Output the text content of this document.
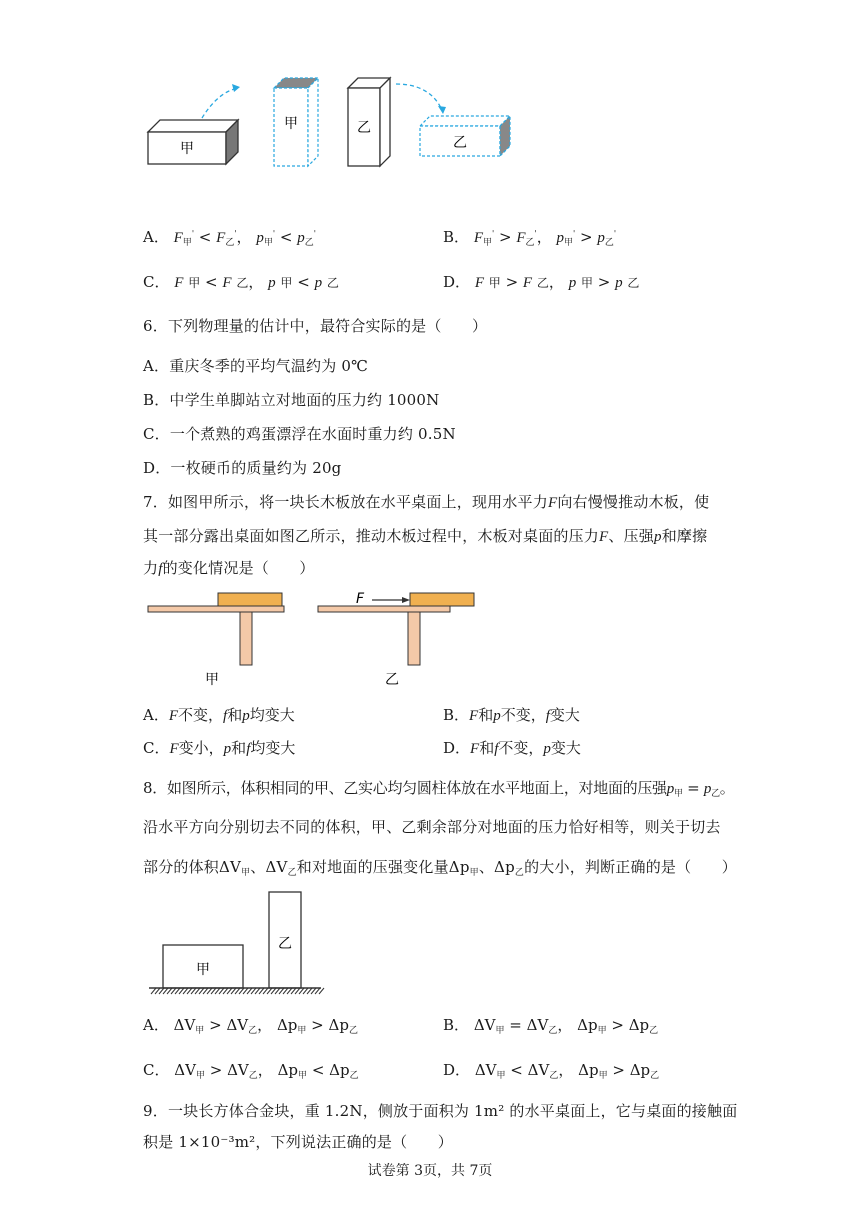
甲
甲	乙
乙
A． $F_甲' < F_乙'$， $p_甲' < p_乙'$	B． $F_甲' > F_乙'$， $p_甲' > p_乙'$
C． F 甲 < F 乙， p 甲 < p 乙	D． F 甲 > F 乙， p 甲 > p 乙
6．下列物理量的估计中，最符合实际的是（　　）
A．重庆冬季的平均气温约为 0℃
B．中学生单脚站立对地面的压力约 1000N
C．一个煮熟的鸡蛋漂浮在水面时重力约 0.5N
D．一枚硬币的质量约为 20g
7．如图甲所示，将一块长木板放在水平桌面上，现用水平力F向右慢慢推动木板，使
其一部分露出桌面如图乙所示，推动木板过程中，木板对桌面的压力F、压强p和摩擦
力f的变化情况是（　　）
甲
F
乙
A．F不变，f和p均变大	B．F和p不变，f变大
C．F变小，p和f均变大	D．F和f不变，p变大
8．如图所示，体积相同的甲、乙实心均匀圆柱体放在水平地面上，对地面的压强$p_甲 = p_乙$。
沿水平方向分别切去不同的体积，甲、乙剩余部分对地面的压力恰好相等，则关于切去
部分的体积$\Delta V_甲$、$\Delta V_乙$和对地面的压强变化量$\Delta p_甲$、$\Delta p_乙$的大小，判断正确的是（　　）
甲
乙
A． $\Delta V_甲 > \Delta V_乙$， $\Delta p_甲 > \Delta p_乙$	B． $\Delta V_甲 = \Delta V_乙$， $\Delta p_甲 > \Delta p_乙$
C． $\Delta V_甲 > \Delta V_乙$， $\Delta p_甲 < \Delta p_乙$	D． $\Delta V_甲 < \Delta V_乙$， $\Delta p_甲 > \Delta p_乙$
9．一块长方体合金块，重 1.2N，侧放于面积为 1m² 的水平桌面上，它与桌面的接触面
积是 1×10⁻³m²，下列说法正确的是（　　）
试卷第 3页，共 7页
